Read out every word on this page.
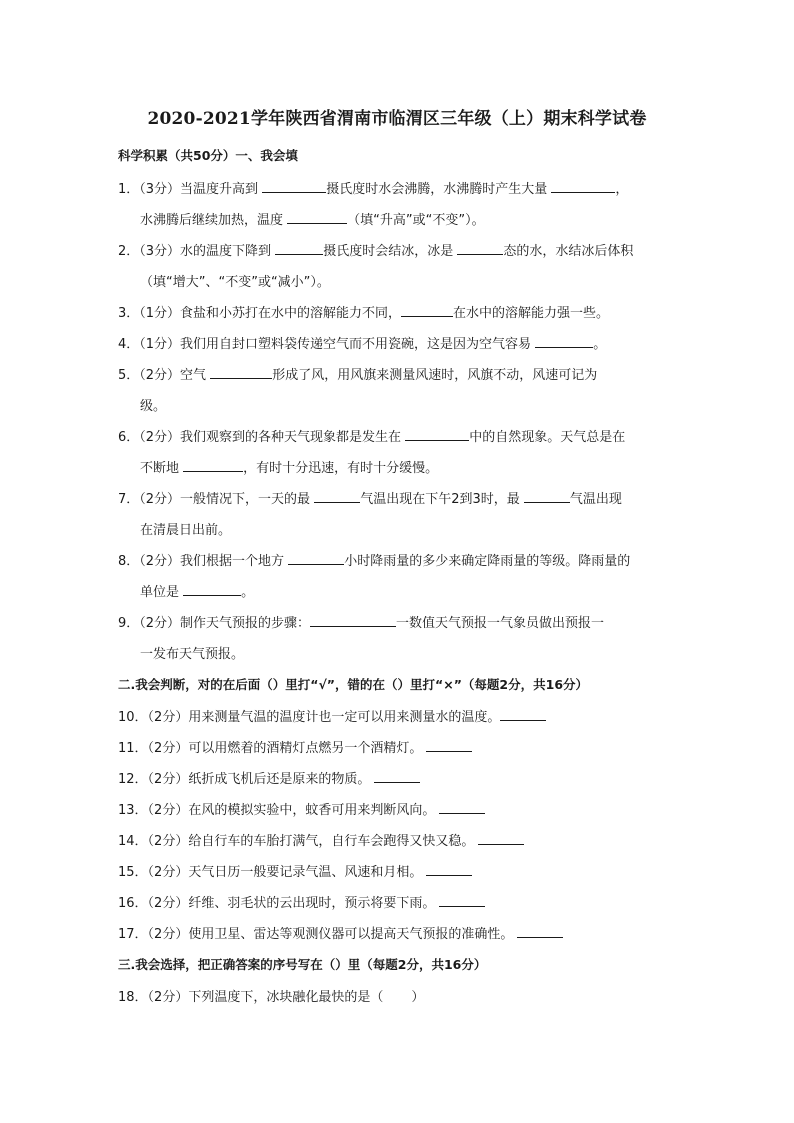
2020-2021学年陕西省渭南市临渭区三年级（上）期末科学试卷
科学积累（共50分）一、我会填
1．（3分）当温度升高到	摄氏度时水会沸腾，水沸腾时产生大量	，
水沸腾后继续加热，温度	（填“升高”或“不变”）。
2．（3分）水的温度下降到	摄氏度时会结冰，冰是	态的水，水结冰后体积
（填“增大”、“不变”或“减小”）。
3．（1分）食盐和小苏打在水中的溶解能力不同，	在水中的溶解能力强一些。
4．（1分）我们用自封口塑料袋传递空气而不用瓷碗，这是因为空气容易	。
5．（2分）空气	形成了风，用风旗来测量风速时，风旗不动，风速可记为
级。
6．（2分）我们观察到的各种天气现象都是发生在	中的自然现象。天气总是在
不断地	，有时十分迅速，有时十分缓慢。
7．（2分）一般情况下，一天的最	气温出现在下午2到3时，最	气温出现
在清晨日出前。
8．（2分）我们根据一个地方	小时降雨量的多少来确定降雨量的等级。降雨量的
单位是	。
9．（2分）制作天气预报的步骤：	一数值天气预报一气象员做出预报一
一发布天气预报。
二.我会判断，对的在后面（）里打“√”，错的在（）里打“×”（每题2分，共16分）
10．（2分）用来测量气温的温度计也一定可以用来测量水的温度。
11．（2分）可以用燃着的酒精灯点燃另一个酒精灯。
12．（2分）纸折成飞机后还是原来的物质。
13．（2分）在风的模拟实验中，蚊香可用来判断风向。
14．（2分）给自行车的车胎打满气，自行车会跑得又快又稳。
15．（2分）天气日历一般要记录气温、风速和月相。
16．（2分）纤维、羽毛状的云出现时，预示将要下雨。
17．（2分）使用卫星、雷达等观测仪器可以提高天气预报的准确性。
三.我会选择，把正确答案的序号写在（）里（每题2分，共16分）
18．（2分）下列温度下，冰块融化最快的是（ ）
